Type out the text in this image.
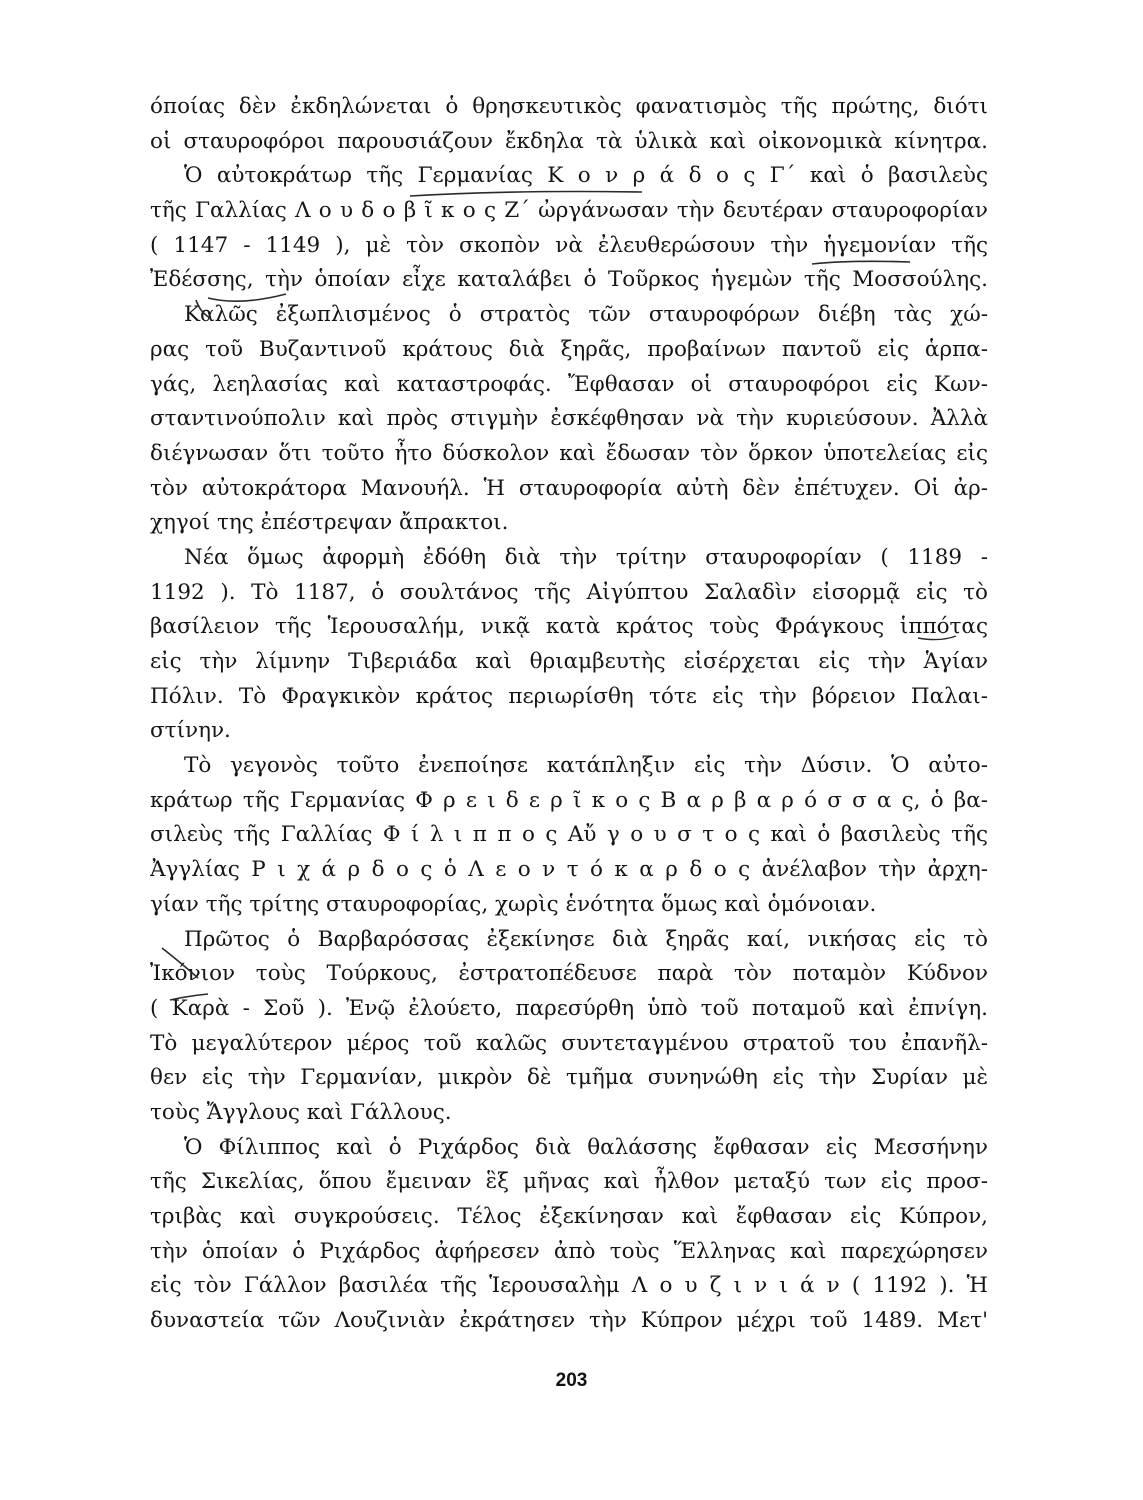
όποίας δὲν ἐκδηλώνεται ὁ θρησκευτικὸς φανατισμὸς τῆς πρώτης, διότι
οἱ σταυροφόροι παρουσιάζουν ἔκδηλα τὰ ὑλικὰ καὶ οἰκονομικὰ κίνητρα.
Ὁ αὐτοκράτωρ τῆς Γερμανίας Κ ο ν ρ ά δ ο ς Γ΄ καὶ ὁ βασιλεὺς
τῆς Γαλλίας Λ ο υ δ ο β ῖ κ ο ς Ζ΄ ὠργάνωσαν τὴν δευτέραν σταυροφορίαν
( 1147 - 1149 ), μὲ τὸν σκοπὸν νὰ ἐλευθερώσουν τὴν ἡγεμονίαν τῆς
Ἐδέσσης, τὴν ὁποίαν εἶχε καταλάβει ὁ Τοῦρκος ἡγεμὼν τῆς Μοσσούλης.
Καλῶς ἐξωπλισμένος ὁ στρατὸς τῶν σταυροφόρων διέβη τὰς χώ-
ρας τοῦ Βυζαντινοῦ κράτους διὰ ξηρᾶς, προβαίνων παντοῦ εἰς ἁρπα-
γάς, λεηλασίας καὶ καταστροφάς. Ἔφθασαν οἱ σταυροφόροι εἰς Κων-
σταντινούπολιν καὶ πρὸς στιγμὴν ἐσκέφθησαν νὰ τὴν κυριεύσουν. Ἀλλὰ
διέγνωσαν ὅτι τοῦτο ἦτο δύσκολον καὶ ἔδωσαν τὸν ὅρκον ὑποτελείας εἰς
τὸν αὐτοκράτορα Μανουήλ. Ἡ σταυροφορία αὐτὴ δὲν ἐπέτυχεν. Οἱ ἀρ-
χηγοί της ἐπέστρεψαν ἄπρακτοι.
Νέα ὅμως ἀφορμὴ ἐδόθη διὰ τὴν τρίτην σταυροφορίαν ( 1189 -
1192 ). Τὸ 1187, ὁ σουλτάνος τῆς Αἰγύπτου Σαλαδὶν εἰσορμᾷ εἰς τὸ
βασίλειον τῆς Ἱερουσαλήμ, νικᾷ κατὰ κράτος τοὺς Φράγκους ἱππότας
εἰς τὴν λίμνην Τιβεριάδα καὶ θριαμβευτὴς εἰσέρχεται εἰς τὴν Ἁγίαν
Πόλιν. Τὸ Φραγκικὸν κράτος περιωρίσθη τότε εἰς τὴν βόρειον Παλαι-
στίνην.
Τὸ γεγονὸς τοῦτο ἐνεποίησε κατάπληξιν εἰς τὴν Δύσιν. Ὁ αὐτο-
κράτωρ τῆς Γερμανίας Φ ρ ε ι δ ε ρ ῖ κ ο ς Β α ρ β α ρ ό σ σ α ς, ὁ βα-
σιλεὺς τῆς Γαλλίας Φ ί λ ι π π ο ς Αὔ γ ο υ σ τ ο ς καὶ ὁ βασιλεὺς τῆς
Ἀγγλίας Ρ ι χ ά ρ δ ο ς ὁ Λ ε ο ν τ ό κ α ρ δ ο ς ἀνέλαβον τὴν ἀρχη-
γίαν τῆς τρίτης σταυροφορίας, χωρὶς ἑνότητα ὅμως καὶ ὁμόνοιαν.
Πρῶτος ὁ Βαρβαρόσσας ἐξεκίνησε διὰ ξηρᾶς καί, νικήσας εἰς τὸ
Ἰκόνιον τοὺς Τούρκους, ἐστρατοπέδευσε παρὰ τὸν ποταμὸν Κύδνον
( Καρὰ - Σοῦ ). Ἐνῷ ἐλούετο, παρεσύρθη ὑπὸ τοῦ ποταμοῦ καὶ ἐπνίγη.
Τὸ μεγαλύτερον μέρος τοῦ καλῶς συντεταγμένου στρατοῦ του ἐπανῆλ-
θεν εἰς τὴν Γερμανίαν, μικρὸν δὲ τμῆμα συνηνώθη εἰς τὴν Συρίαν μὲ
τοὺς Ἄγγλους καὶ Γάλλους.
Ὁ Φίλιππος καὶ ὁ Ριχάρδος διὰ θαλάσσης ἔφθασαν εἰς Μεσσήνην
τῆς Σικελίας, ὅπου ἔμειναν ἓξ μῆνας καὶ ἦλθον μεταξύ των εἰς προσ-
τριβὰς καὶ συγκρούσεις. Τέλος ἐξεκίνησαν καὶ ἔφθασαν εἰς Κύπρον,
τὴν ὁποίαν ὁ Ριχάρδος ἀφήρεσεν ἀπὸ τοὺς Ἕλληνας καὶ παρεχώρησεν
εἰς τὸν Γάλλον βασιλέα τῆς Ἱερουσαλὴμ Λ ο υ ζ ι ν ι ά ν ( 1192 ). Ἡ
δυναστεία τῶν Λουζινιὰν ἐκράτησεν τὴν Κύπρον μέχρι τοῦ 1489. Μετ'
203
